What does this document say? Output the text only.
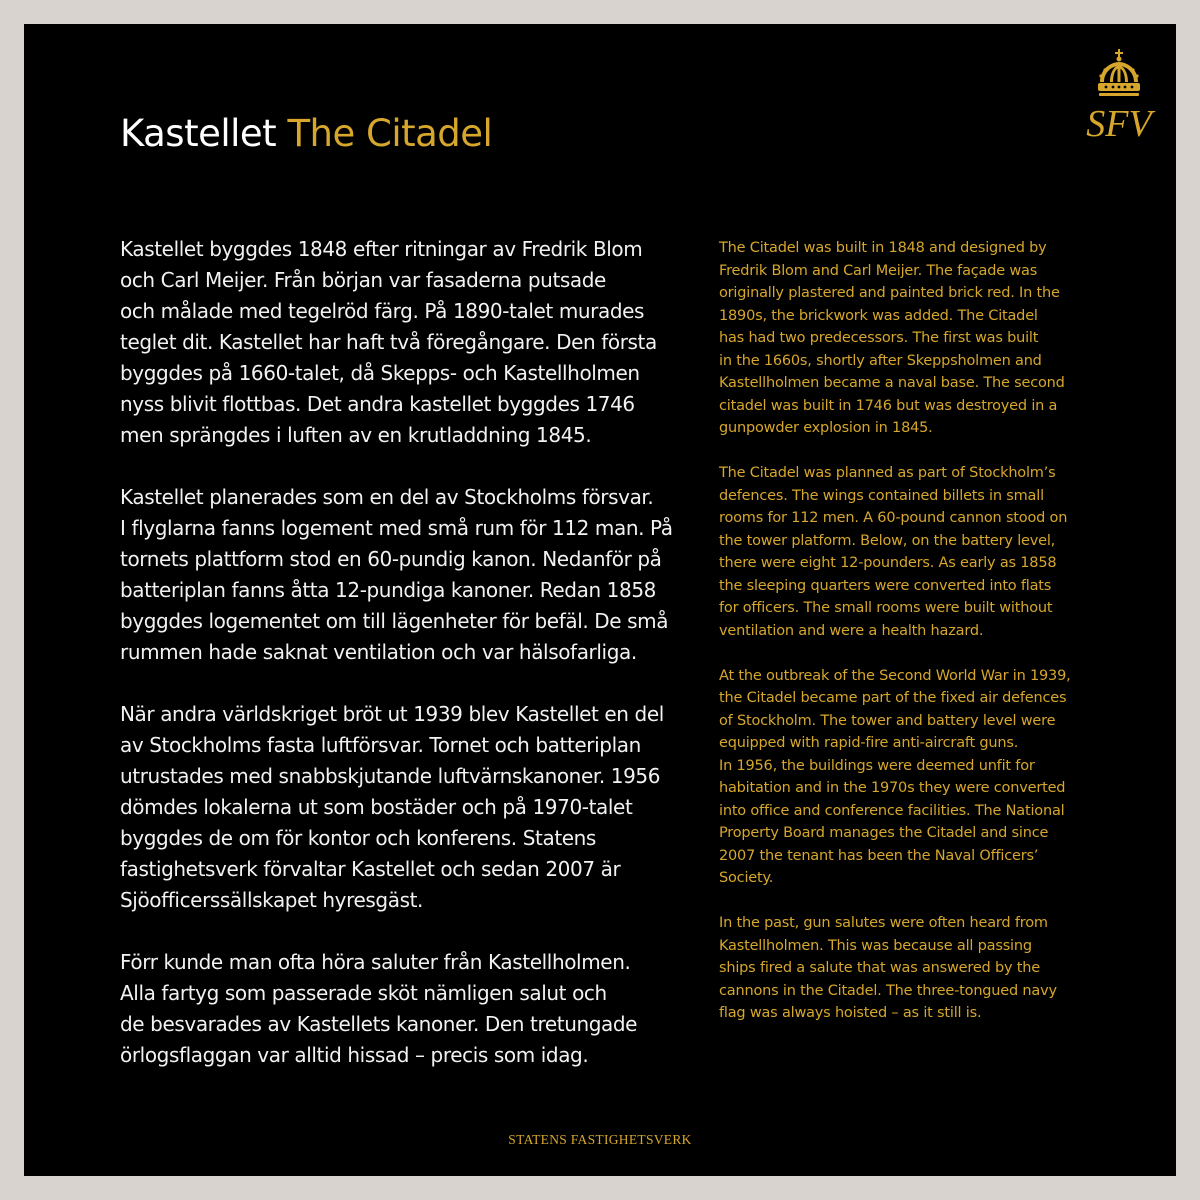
Kastellet The Citadel	SFV

Kastellet byggdes 1848 efter ritningar av Fredrik Blom
och Carl Meijer. Från början var fasaderna putsade
och målade med tegelröd färg. På 1890-talet murades
teglet dit. Kastellet har haft två föregångare. Den första
byggdes på 1660-talet, då Skepps- och Kastellholmen
nyss blivit flottbas. Det andra kastellet byggdes 1746
men sprängdes i luften av en krutladdning 1845.

Kastellet planerades som en del av Stockholms försvar.
I flyglarna fanns logement med små rum för 112 man. På
tornets plattform stod en 60-pundig kanon. Nedanför på
batteriplan fanns åtta 12-pundiga kanoner. Redan 1858
byggdes logementet om till lägenheter för befäl. De små
rummen hade saknat ventilation och var hälsofarliga.

När andra världskriget bröt ut 1939 blev Kastellet en del
av Stockholms fasta luftförsvar. Tornet och batteriplan
utrustades med snabbskjutande luftvärnskanoner. 1956
dömdes lokalerna ut som bostäder och på 1970-talet
byggdes de om för kontor och konferens. Statens
fastighetsverk förvaltar Kastellet och sedan 2007 är
Sjöofficerssällskapet hyresgäst.

Förr kunde man ofta höra saluter från Kastellholmen.
Alla fartyg som passerade sköt nämligen salut och
de besvarades av Kastellets kanoner. Den tretungade
örlogsflaggan var alltid hissad – precis som idag.

The Citadel was built in 1848 and designed by
Fredrik Blom and Carl Meijer. The façade was
originally plastered and painted brick red. In the
1890s, the brickwork was added. The Citadel
has had two predecessors. The first was built
in the 1660s, shortly after Skeppsholmen and
Kastellholmen became a naval base. The second
citadel was built in 1746 but was destroyed in a
gunpowder explosion in 1845.

The Citadel was planned as part of Stockholm’s
defences. The wings contained billets in small
rooms for 112 men. A 60-pound cannon stood on
the tower platform. Below, on the battery level,
there were eight 12-pounders. As early as 1858
the sleeping quarters were converted into flats
for officers. The small rooms were built without
ventilation and were a health hazard.

At the outbreak of the Second World War in 1939,
the Citadel became part of the fixed air defences
of Stockholm. The tower and battery level were
equipped with rapid-fire anti-aircraft guns.
In 1956, the buildings were deemed unfit for
habitation and in the 1970s they were converted
into office and conference facilities. The National
Property Board manages the Citadel and since
2007 the tenant has been the Naval Officers’
Society.

In the past, gun salutes were often heard from
Kastellholmen. This was because all passing
ships fired a salute that was answered by the
cannons in the Citadel. The three-tongued navy
flag was always hoisted – as it still is.

STATENS FASTIGHETSVERK
